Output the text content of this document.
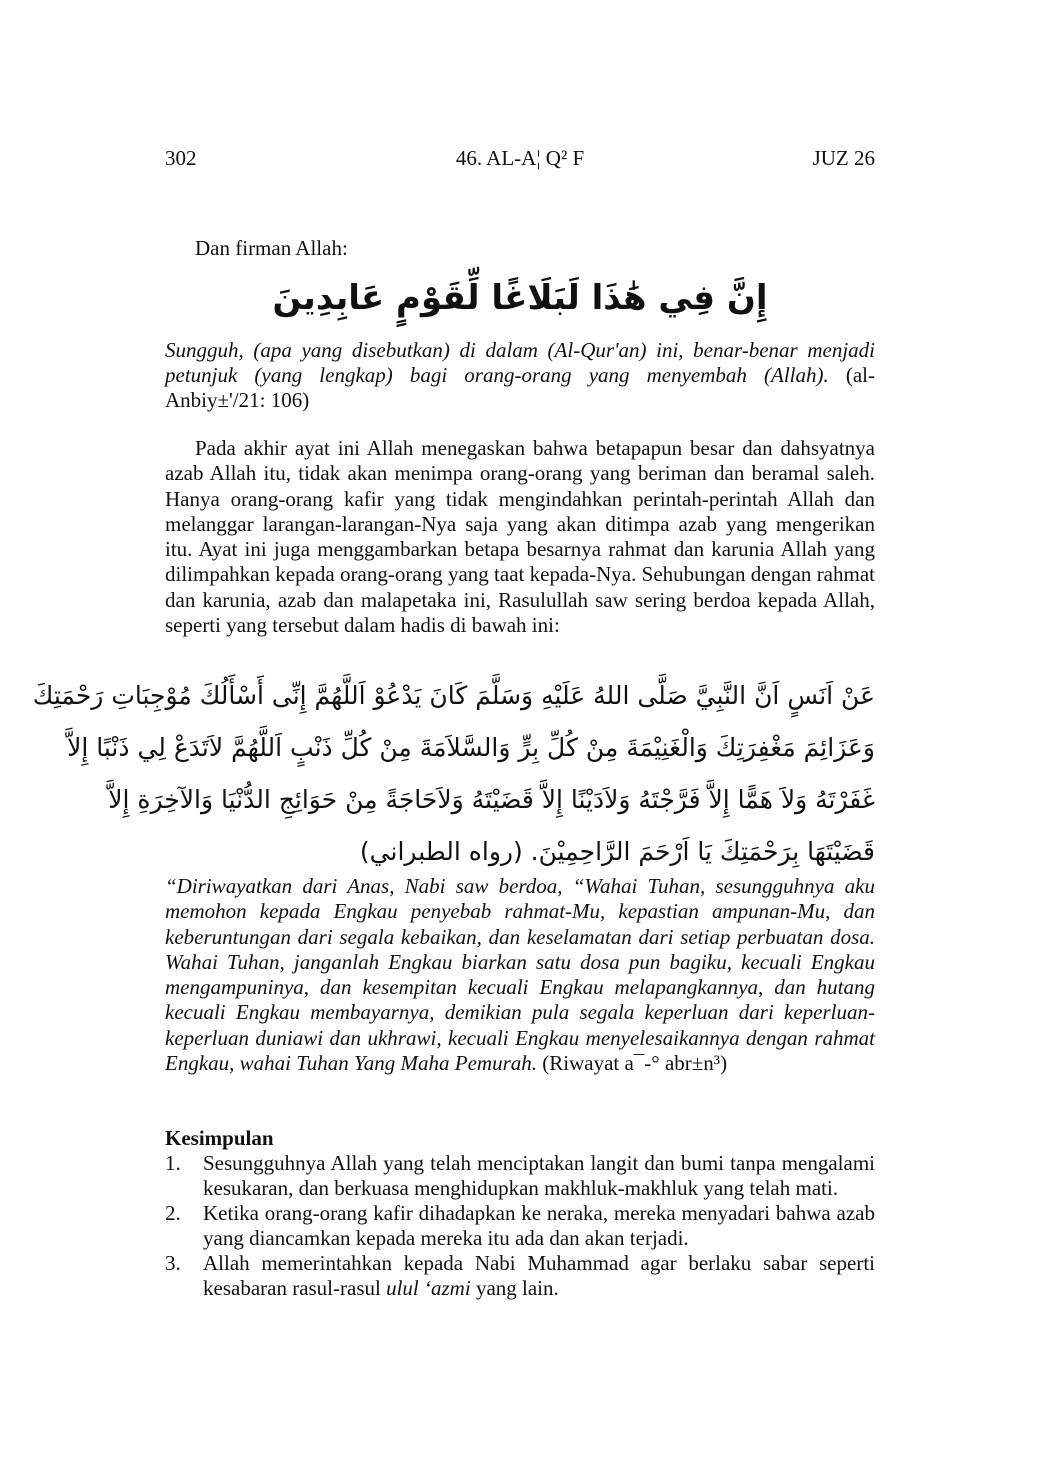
302	46. AL-A¦ Q² F	JUZ 26
Dan firman Allah:
إِنَّ فِي هَٰذَا لَبَلَاغًا لِّقَوْمٍ عَابِدِينَ
Sungguh, (apa yang disebutkan) di dalam (Al-Qur'an) ini, benar-benar menjadi petunjuk (yang lengkap) bagi orang-orang yang menyembah (Allah). (al-Anbiy±'/21: 106)
Pada akhir ayat ini Allah menegaskan bahwa betapapun besar dan dahsyatnya azab Allah itu, tidak akan menimpa orang-orang yang beriman dan beramal saleh. Hanya orang-orang kafir yang tidak mengindahkan perintah-perintah Allah dan melanggar larangan-larangan-Nya saja yang akan ditimpa azab yang mengerikan itu. Ayat ini juga menggambarkan betapa besarnya rahmat dan karunia Allah yang dilimpahkan kepada orang-orang yang taat kepada-Nya. Sehubungan dengan rahmat dan karunia, azab dan malapetaka ini, Rasulullah saw sering berdoa kepada Allah, seperti yang tersebut dalam hadis di bawah ini:
عَنْ اَنَسٍ اَنَّ النَّبِيَّ صَلَّى اللهُ عَلَيْهِ وَسَلَّمَ كَانَ يَدْعُوْ اَللَّهُمَّ إِنِّى أَسْأَلُكَ مُوْجِبَاتِ رَحْمَتِكَ
وَعَزَائِمَ مَغْفِرَتِكَ وَالْغَنِيْمَةَ مِنْ كُلِّ بِرٍّ وَالسَّلاَمَةَ مِنْ كُلِّ ذَنْبٍ اَللَّهُمَّ لاَتَدَعْ لِي ذَنْبًا إِلاَّ
غَفَرْتَهُ وَلاَ هَمًّا إِلاَّ فَرَّجْتَهُ وَلاَدَيْنًا إِلاَّ قَضَيْتَهُ وَلاَحَاجَةً مِنْ حَوَائِجِ الدُّنْيَا وَالآخِرَةِ إِلاَّ
قَضَيْتَهَا بِرَحْمَتِكَ يَا اَرْحَمَ الرَّاحِمِيْنَ. (رواه الطبراني)
“Diriwayatkan dari Anas, Nabi saw berdoa, “Wahai Tuhan, sesungguhnya aku memohon kepada Engkau penyebab rahmat-Mu, kepastian ampunan-Mu, dan keberuntungan dari segala kebaikan, dan keselamatan dari setiap perbuatan dosa. Wahai Tuhan, janganlah Engkau biarkan satu dosa pun bagiku, kecuali Engkau mengampuninya, dan kesempitan kecuali Engkau melapangkannya, dan hutang kecuali Engkau membayarnya, demikian pula segala keperluan dari keperluan-keperluan duniawi dan ukhrawi, kecuali Engkau menyelesaikannya dengan rahmat Engkau, wahai Tuhan Yang Maha Pemurah. (Riwayat a¯-° abr±n³)
Kesimpulan
1. Sesungguhnya Allah yang telah menciptakan langit dan bumi tanpa mengalami kesukaran, dan berkuasa menghidupkan makhluk-makhluk yang telah mati.
2. Ketika orang-orang kafir dihadapkan ke neraka, mereka menyadari bahwa azab yang diancamkan kepada mereka itu ada dan akan terjadi.
3. Allah memerintahkan kepada Nabi Muhammad agar berlaku sabar seperti kesabaran rasul-rasul ulul ‘azmi yang lain.
